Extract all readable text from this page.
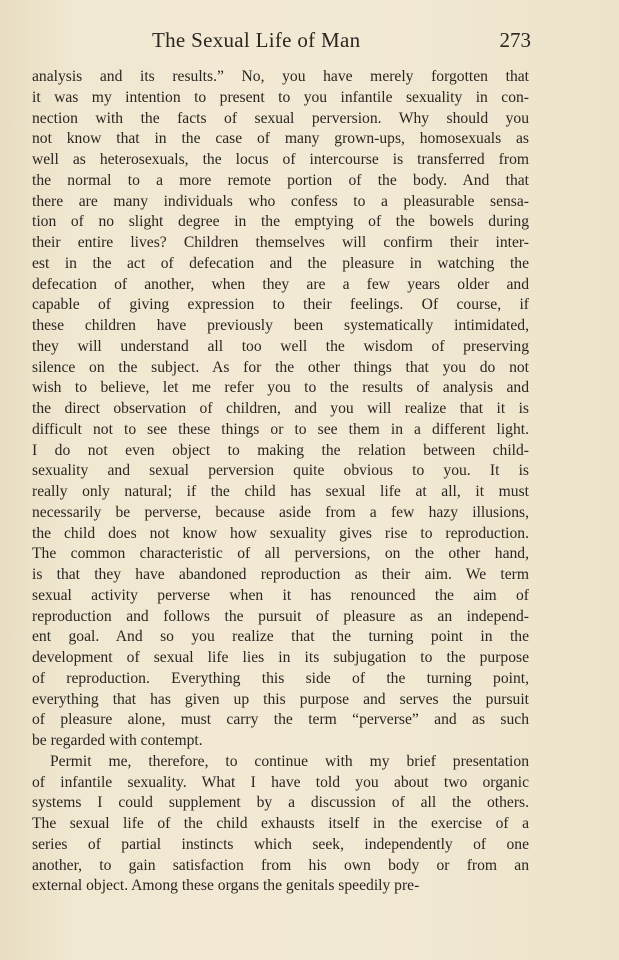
The Sexual Life of Man	273
analysis and its results.” No, you have merely forgotten that
it was my intention to present to you infantile sexuality in con-
nection with the facts of sexual perversion. Why should you
not know that in the case of many grown-ups, homosexuals as
well as heterosexuals, the locus of intercourse is transferred from
the normal to a more remote portion of the body. And that
there are many individuals who confess to a pleasurable sensa-
tion of no slight degree in the emptying of the bowels during
their entire lives? Children themselves will confirm their inter-
est in the act of defecation and the pleasure in watching the
defecation of another, when they are a few years older and
capable of giving expression to their feelings. Of course, if
these children have previously been systematically intimidated,
they will understand all too well the wisdom of preserving
silence on the subject. As for the other things that you do not
wish to believe, let me refer you to the results of analysis and
the direct observation of children, and you will realize that it is
difficult not to see these things or to see them in a different light.
I do not even object to making the relation between child-
sexuality and sexual perversion quite obvious to you. It is
really only natural; if the child has sexual life at all, it must
necessarily be perverse, because aside from a few hazy illusions,
the child does not know how sexuality gives rise to reproduction.
The common characteristic of all perversions, on the other hand,
is that they have abandoned reproduction as their aim. We term
sexual activity perverse when it has renounced the aim of
reproduction and follows the pursuit of pleasure as an independ-
ent goal. And so you realize that the turning point in the
development of sexual life lies in its subjugation to the purpose
of reproduction. Everything this side of the turning point,
everything that has given up this purpose and serves the pursuit
of pleasure alone, must carry the term “perverse” and as such
be regarded with contempt.
Permit me, therefore, to continue with my brief presentation
of infantile sexuality. What I have told you about two organic
systems I could supplement by a discussion of all the others.
The sexual life of the child exhausts itself in the exercise of a
series of partial instincts which seek, independently of one
another, to gain satisfaction from his own body or from an
external object. Among these organs the genitals speedily pre-
